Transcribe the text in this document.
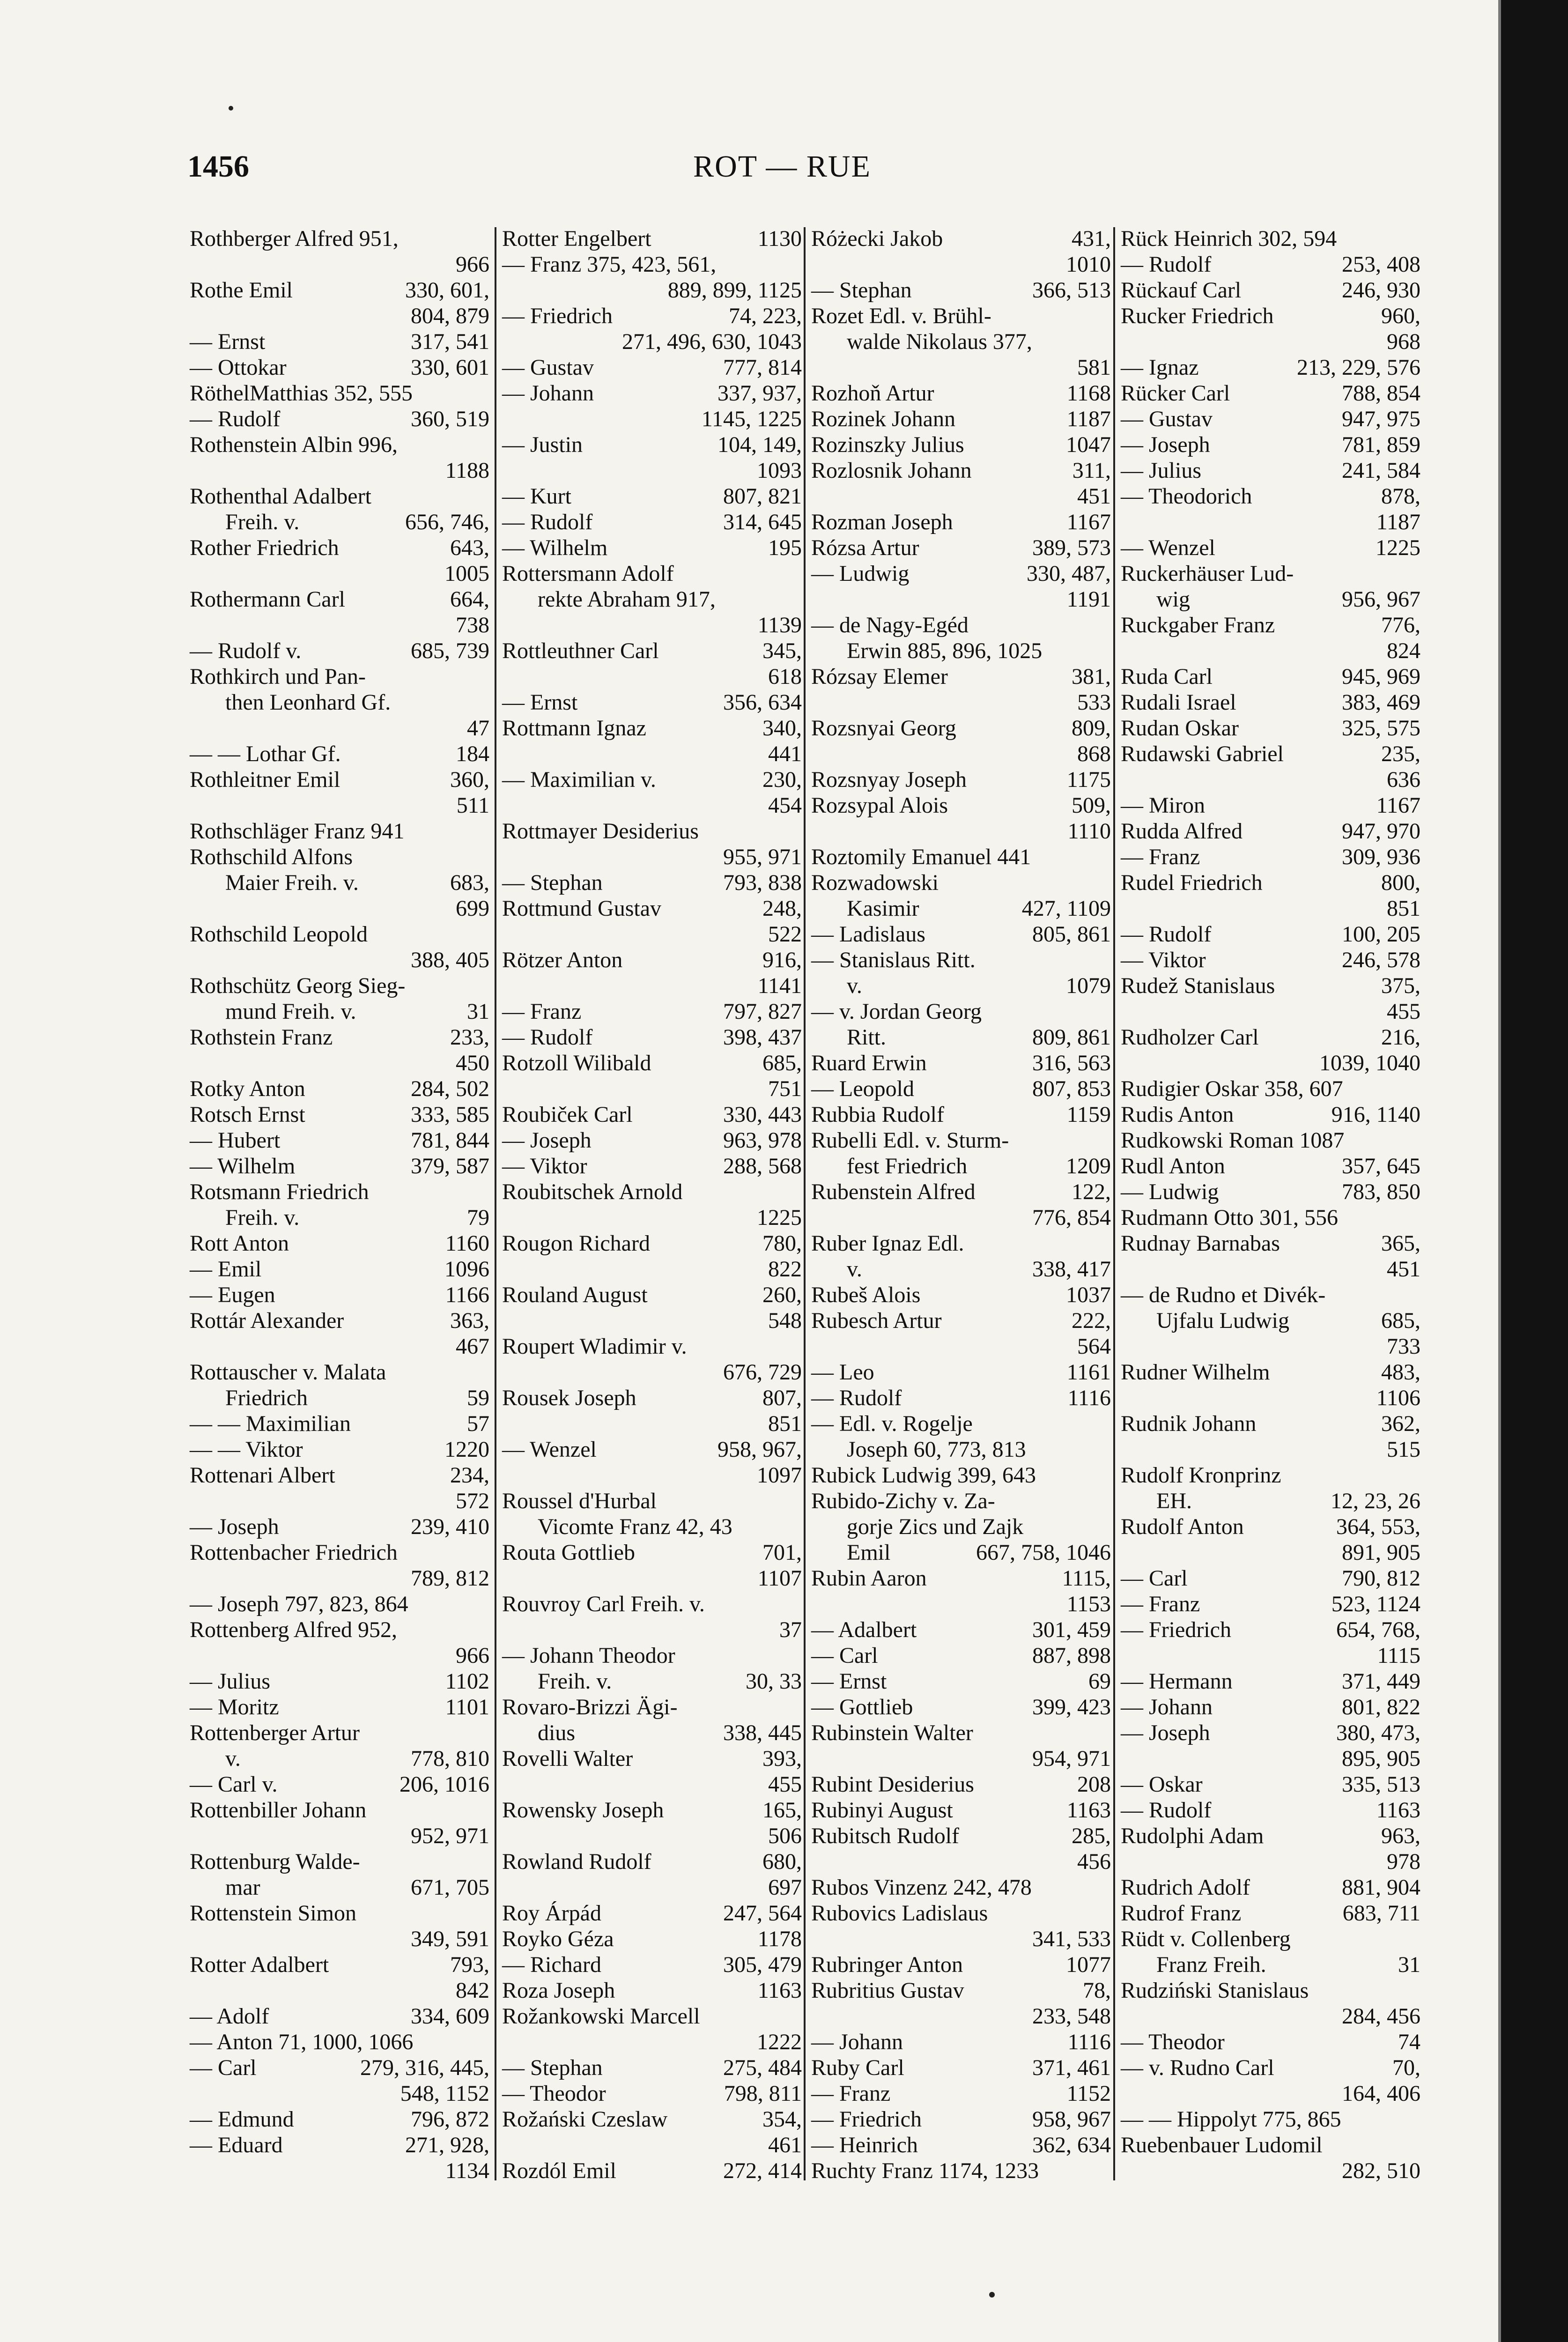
1456	ROT — RUE
Rothberger Alfred 951,
966
Rothe Emil	330, 601,
804, 879
— Ernst	317, 541
— Ottokar	330, 601
RöthelMatthias 352, 555
— Rudolf	360, 519
Rothenstein Albin 996,
1188
Rothenthal Adalbert
Freih. v.	656, 746,
Rother Friedrich	643,
1005
Rothermann Carl	664,
738
— Rudolf v.	685, 739
Rothkirch und Pan-
then Leonhard Gf.
47
— — Lothar Gf.	184
Rothleitner Emil	360,
511
Rothschläger Franz 941
Rothschild Alfons
Maier Freih. v.	683,
699
Rothschild Leopold
388, 405
Rothschütz Georg Sieg-
mund Freih. v.	31
Rothstein Franz	233,
450
Rotky Anton	284, 502
Rotsch Ernst	333, 585
— Hubert	781, 844
— Wilhelm	379, 587
Rotsmann Friedrich
Freih. v.	79
Rott Anton	1160
— Emil	1096
— Eugen	1166
Rottár Alexander	363,
467
Rottauscher v. Malata
Friedrich	59
— — Maximilian	57
— — Viktor	1220
Rottenari Albert	234,
572
— Joseph	239, 410
Rottenbacher Friedrich
789, 812
— Joseph 797, 823, 864
Rottenberg Alfred 952,
966
— Julius	1102
— Moritz	1101
Rottenberger Artur
v.	778, 810
— Carl v.	206, 1016
Rottenbiller Johann
952, 971
Rottenburg Walde-
mar	671, 705
Rottenstein Simon
349, 591
Rotter Adalbert	793,
842
— Adolf	334, 609
— Anton 71, 1000, 1066
— Carl	279, 316, 445,
548, 1152
— Edmund	796, 872
— Eduard	271, 928,
1134
Rotter Engelbert	1130
— Franz 375, 423, 561,
889, 899, 1125
— Friedrich	74, 223,
271, 496, 630, 1043
— Gustav	777, 814
— Johann	337, 937,
1145, 1225
— Justin	104, 149,
1093
— Kurt	807, 821
— Rudolf	314, 645
— Wilhelm	195
Rottersmann Adolf
rekte Abraham 917,
1139
Rottleuthner Carl	345,
618
— Ernst	356, 634
Rottmann Ignaz	340,
441
— Maximilian v.	230,
454
Rottmayer Desiderius
955, 971
— Stephan	793, 838
Rottmund Gustav	248,
522
Rötzer Anton	916,
1141
— Franz	797, 827
— Rudolf	398, 437
Rotzoll Wilibald	685,
751
Roubiček Carl	330, 443
— Joseph	963, 978
— Viktor	288, 568
Roubitschek Arnold
1225
Rougon Richard	780,
822
Rouland August	260,
548
Roupert Wladimir v.
676, 729
Rousek Joseph	807,
851
— Wenzel	958, 967,
1097
Roussel d'Hurbal
Vicomte Franz 42, 43
Routa Gottlieb	701,
1107
Rouvroy Carl Freih. v.
37
— Johann Theodor
Freih. v.	30, 33
Rovaro-Brizzi Ägi-
dius	338, 445
Rovelli Walter	393,
455
Rowensky Joseph	165,
506
Rowland Rudolf	680,
697
Roy Árpád	247, 564
Royko Géza	1178
— Richard	305, 479
Roza Joseph	1163
Rožankowski Marcell
1222
— Stephan	275, 484
— Theodor	798, 811
Rožański Czeslaw	354,
461
Rozdól Emil	272, 414
Różecki Jakob	431,
1010
— Stephan	366, 513
Rozet Edl. v. Brühl-
walde Nikolaus 377,
581
Rozhoň Artur	1168
Rozinek Johann	1187
Rozinszky Julius	1047
Rozlosnik Johann	311,
451
Rozman Joseph	1167
Rózsa Artur	389, 573
— Ludwig	330, 487,
1191
— de Nagy-Egéd
Erwin 885, 896, 1025
Rózsay Elemer	381,
533
Rozsnyai Georg	809,
868
Rozsnyay Joseph	1175
Rozsypal Alois	509,
1110
Roztomily Emanuel 441
Rozwadowski
Kasimir	427, 1109
— Ladislaus	805, 861
— Stanislaus Ritt.
v.	1079
— v. Jordan Georg
Ritt.	809, 861
Ruard Erwin	316, 563
— Leopold	807, 853
Rubbia Rudolf	1159
Rubelli Edl. v. Sturm-
fest Friedrich	1209
Rubenstein Alfred	122,
776, 854
Ruber Ignaz Edl.
v.	338, 417
Rubeš Alois	1037
Rubesch Artur	222,
564
— Leo	1161
— Rudolf	1116
— Edl. v. Rogelje
Joseph 60, 773, 813
Rubick Ludwig 399, 643
Rubido-Zichy v. Za-
gorje Zics und Zajk
Emil	667, 758, 1046
Rubin Aaron	1115,
1153
— Adalbert	301, 459
— Carl	887, 898
— Ernst	69
— Gottlieb	399, 423
Rubinstein Walter
954, 971
Rubint Desiderius	208
Rubinyi August	1163
Rubitsch Rudolf	285,
456
Rubos Vinzenz 242, 478
Rubovics Ladislaus
341, 533
Rubringer Anton	1077
Rubritius Gustav	78,
233, 548
— Johann	1116
Ruby Carl	371, 461
— Franz	1152
— Friedrich	958, 967
— Heinrich	362, 634
Ruchty Franz 1174, 1233
Rück Heinrich 302, 594
— Rudolf	253, 408
Rückauf Carl	246, 930
Rucker Friedrich	960,
968
— Ignaz	213, 229, 576
Rücker Carl	788, 854
— Gustav	947, 975
— Joseph	781, 859
— Julius	241, 584
— Theodorich	878,
1187
— Wenzel	1225
Ruckerhäuser Lud-
wig	956, 967
Ruckgaber Franz	776,
824
Ruda Carl	945, 969
Rudali Israel	383, 469
Rudan Oskar	325, 575
Rudawski Gabriel	235,
636
— Miron	1167
Rudda Alfred	947, 970
— Franz	309, 936
Rudel Friedrich	800,
851
— Rudolf	100, 205
— Viktor	246, 578
Rudež Stanislaus	375,
455
Rudholzer Carl	216,
1039, 1040
Rudigier Oskar 358, 607
Rudis Anton	916, 1140
Rudkowski Roman 1087
Rudl Anton	357, 645
— Ludwig	783, 850
Rudmann Otto 301, 556
Rudnay Barnabas	365,
451
— de Rudno et Divék-
Ujfalu Ludwig	685,
733
Rudner Wilhelm	483,
1106
Rudnik Johann	362,
515
Rudolf Kronprinz
EH.	12, 23, 26
Rudolf Anton	364, 553,
891, 905
— Carl	790, 812
— Franz	523, 1124
— Friedrich	654, 768,
1115
— Hermann	371, 449
— Johann	801, 822
— Joseph	380, 473,
895, 905
— Oskar	335, 513
— Rudolf	1163
Rudolphi Adam	963,
978
Rudrich Adolf	881, 904
Rudrof Franz	683, 711
Rüdt v. Collenberg
Franz Freih.	31
Rudziński Stanislaus
284, 456
— Theodor	74
— v. Rudno Carl	70,
164, 406
— — Hippolyt 775, 865
Ruebenbauer Ludomil
282, 510
